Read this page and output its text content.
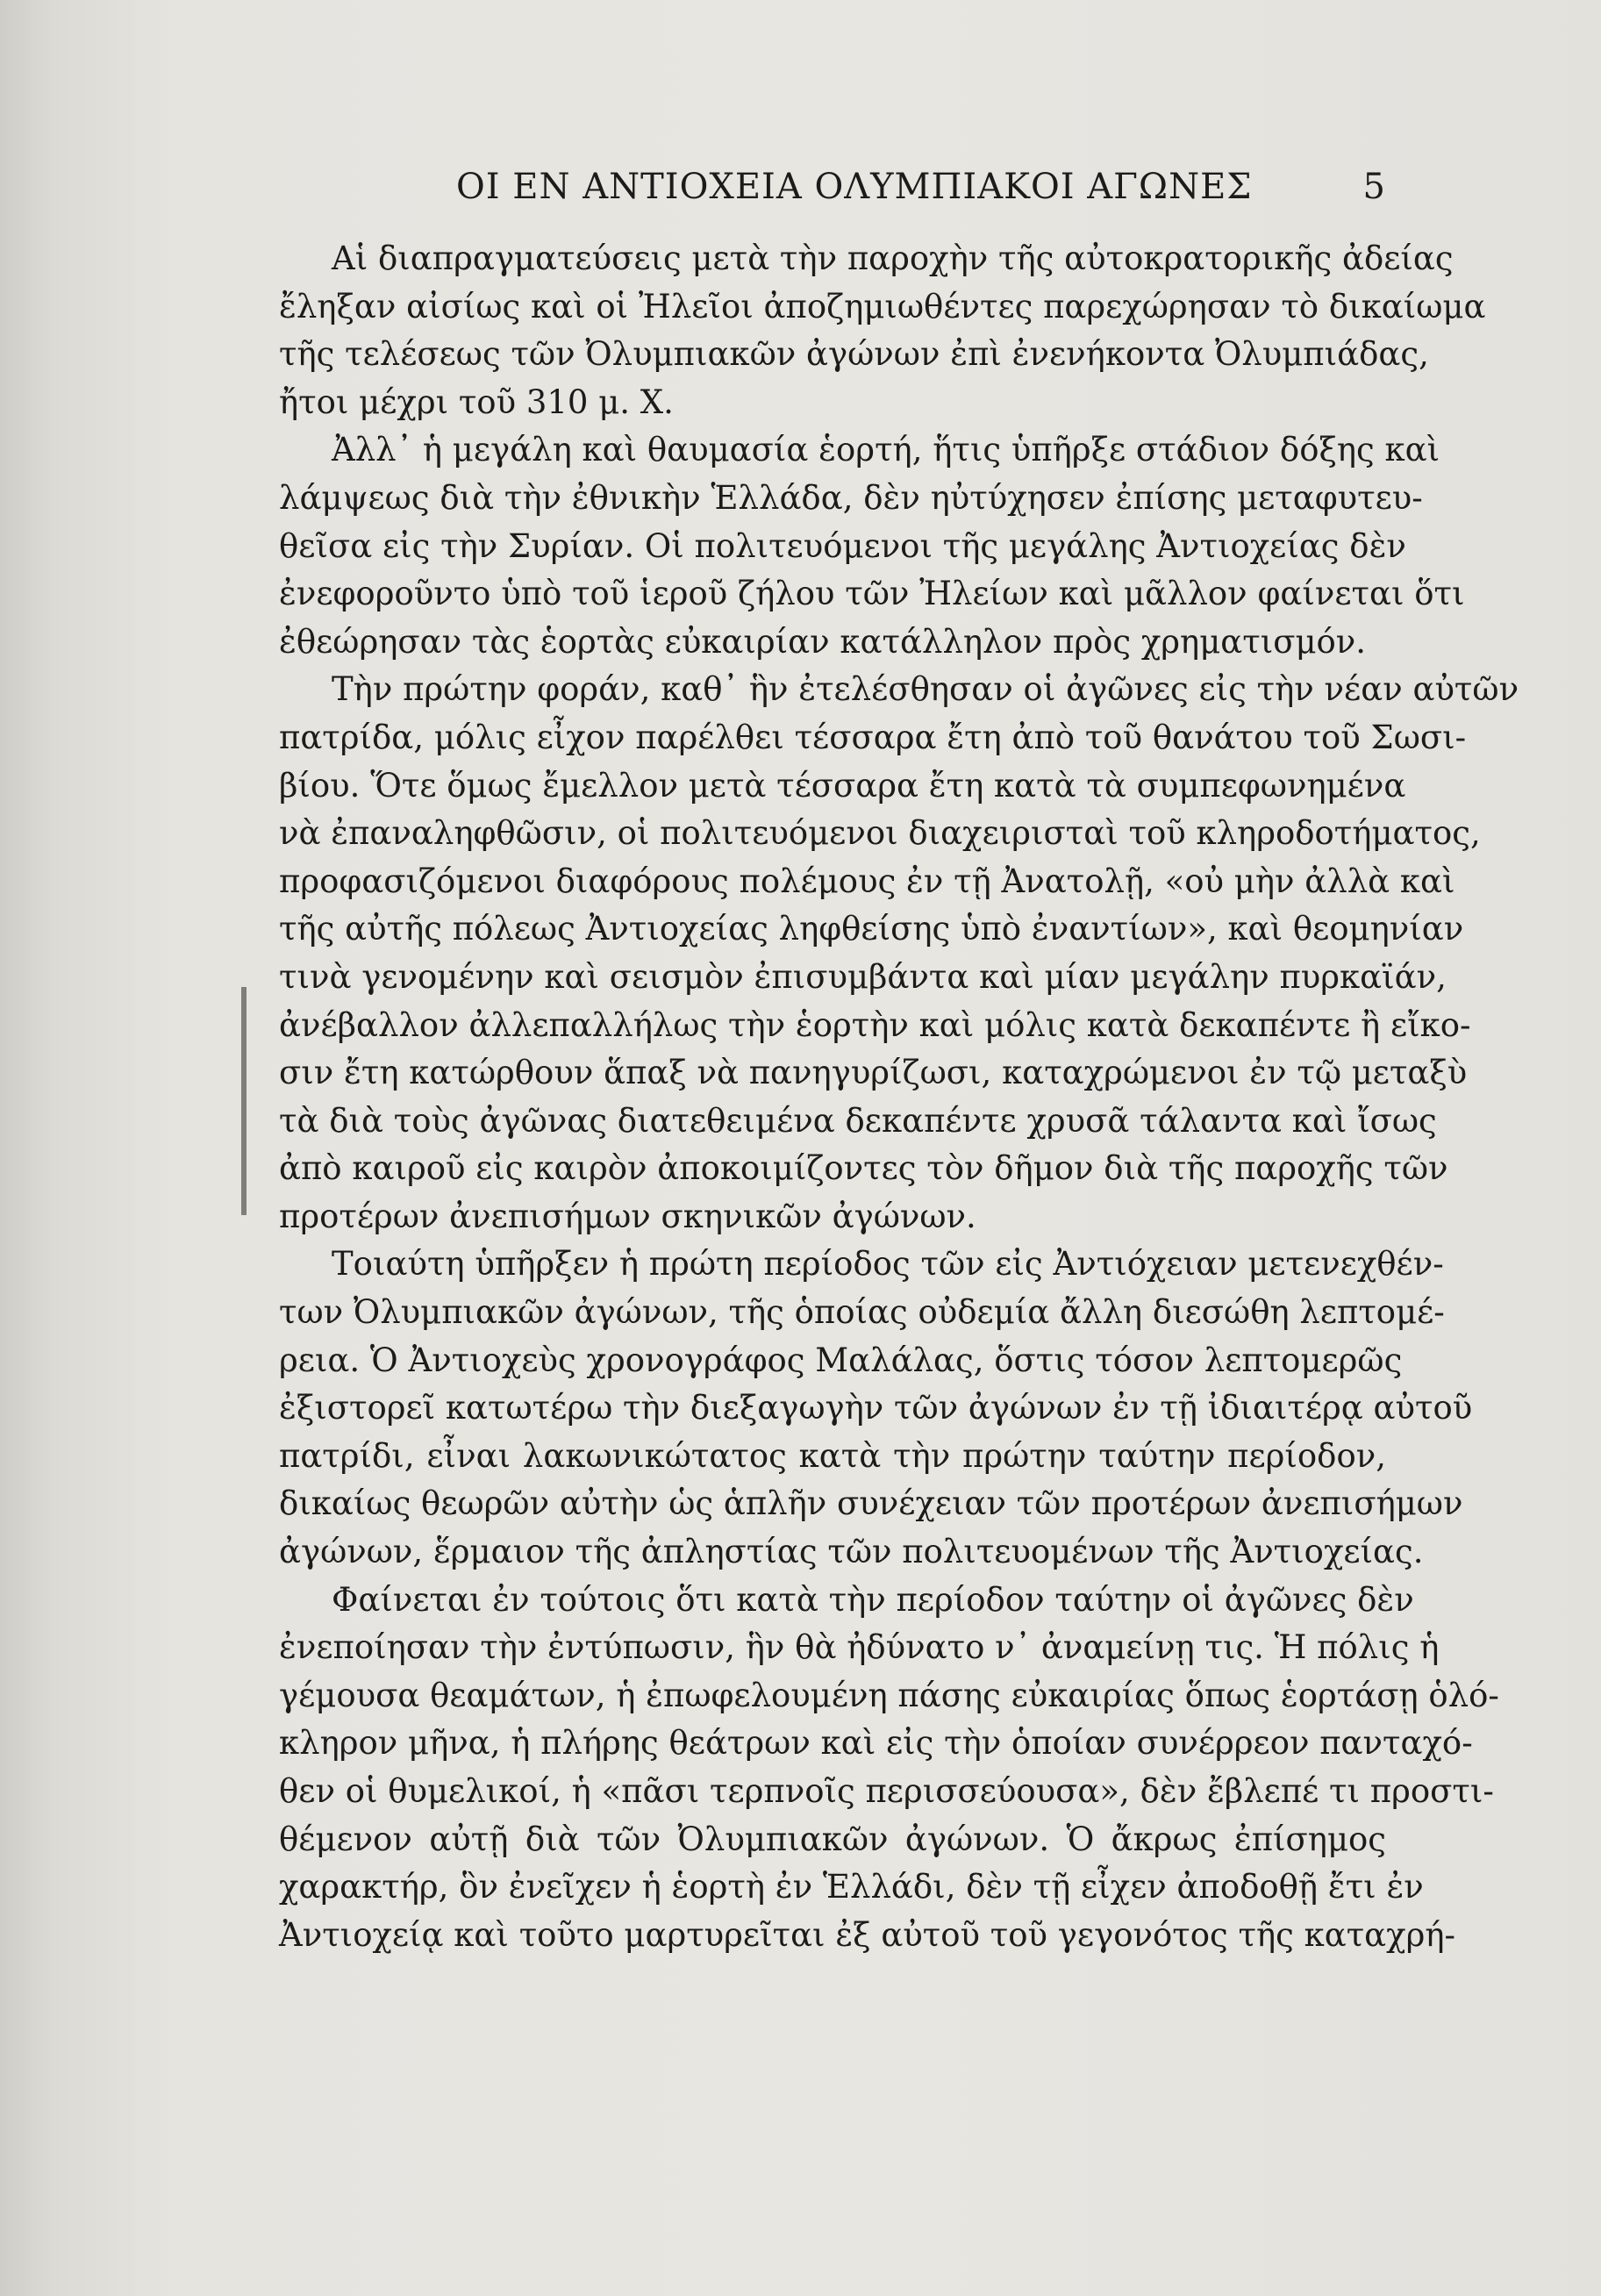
ΟΙ ΕΝ ΑΝΤΙΟΧΕΙΑ ΟΛΥΜΠΙΑΚΟΙ ΑΓΩΝΕΣ	5
Αἱ διαπραγματεύσεις μετὰ τὴν παροχὴν τῆς αὐτοκρατορικῆς ἀδείας
ἔληξαν αἰσίως καὶ οἱ Ἠλεῖοι ἀποζημιωθέντες παρεχώρησαν τὸ δικαίωμα
τῆς τελέσεως τῶν Ὀλυμπιακῶν ἀγώνων ἐπὶ ἐνενήκοντα Ὀλυμπιάδας,
ἤτοι μέχρι τοῦ 310 μ. Χ.
Ἀλλ᾽ ἡ μεγάλη καὶ θαυμασία ἑορτή, ἥτις ὑπῆρξε στάδιον δόξης καὶ
λάμψεως διὰ τὴν ἐθνικὴν Ἑλλάδα, δὲν ηὐτύχησεν ἐπίσης μεταφυτευ-
θεῖσα εἰς τὴν Συρίαν. Οἱ πολιτευόμενοι τῆς μεγάλης Ἀντιοχείας δὲν
ἐνεφοροῦντο ὑπὸ τοῦ ἱεροῦ ζήλου τῶν Ἠλείων καὶ μᾶλλον φαίνεται ὅτι
ἐθεώρησαν τὰς ἑορτὰς εὐκαιρίαν κατάλληλον πρὸς χρηματισμόν.
Τὴν πρώτην φοράν, καθ᾽ ἣν ἐτελέσθησαν οἱ ἀγῶνες εἰς τὴν νέαν αὐτῶν
πατρίδα, μόλις εἶχον παρέλθει τέσσαρα ἔτη ἀπὸ τοῦ θανάτου τοῦ Σωσι-
βίου. Ὅτε ὅμως ἔμελλον μετὰ τέσσαρα ἔτη κατὰ τὰ συμπεφωνημένα
νὰ ἐπαναληφθῶσιν, οἱ πολιτευόμενοι διαχειρισταὶ τοῦ κληροδοτήματος,
προφασιζόμενοι διαφόρους πολέμους ἐν τῇ Ἀνατολῇ, «οὐ μὴν ἀλλὰ καὶ
τῆς αὐτῆς πόλεως Ἀντιοχείας ληφθείσης ὑπὸ ἐναντίων», καὶ θεομηνίαν
τινὰ γενομένην καὶ σεισμὸν ἐπισυμβάντα καὶ μίαν μεγάλην πυρκαϊάν,
ἀνέβαλλον ἀλλεπαλλήλως τὴν ἑορτὴν καὶ μόλις κατὰ δεκαπέντε ἢ εἴκο-
σιν ἔτη κατώρθουν ἅπαξ νὰ πανηγυρίζωσι, καταχρώμενοι ἐν τῷ μεταξὺ
τὰ διὰ τοὺς ἀγῶνας διατεθειμένα δεκαπέντε χρυσᾶ τάλαντα καὶ ἴσως
ἀπὸ καιροῦ εἰς καιρὸν ἀποκοιμίζοντες τὸν δῆμον διὰ τῆς παροχῆς τῶν
προτέρων ἀνεπισήμων σκηνικῶν ἀγώνων.
Τοιαύτη ὑπῆρξεν ἡ πρώτη περίοδος τῶν εἰς Ἀντιόχειαν μετενεχθέν-
των Ὀλυμπιακῶν ἀγώνων, τῆς ὁποίας οὐδεμία ἄλλη διεσώθη λεπτομέ-
ρεια. Ὁ Ἀντιοχεὺς χρονογράφος Μαλάλας, ὅστις τόσον λεπτομερῶς
ἐξιστορεῖ κατωτέρω τὴν διεξαγωγὴν τῶν ἀγώνων ἐν τῇ ἰδιαιτέρᾳ αὐτοῦ
πατρίδι, εἶναι λακωνικώτατος κατὰ τὴν πρώτην ταύτην περίοδον,
δικαίως θεωρῶν αὐτὴν ὡς ἁπλῆν συνέχειαν τῶν προτέρων ἀνεπισήμων
ἀγώνων, ἕρμαιον τῆς ἀπληστίας τῶν πολιτευομένων τῆς Ἀντιοχείας.
Φαίνεται ἐν τούτοις ὅτι κατὰ τὴν περίοδον ταύτην οἱ ἀγῶνες δὲν
ἐνεποίησαν τὴν ἐντύπωσιν, ἣν θὰ ἠδύνατο ν᾽ ἀναμείνῃ τις. Ἡ πόλις ἡ
γέμουσα θεαμάτων, ἡ ἐπωφελουμένη πάσης εὐκαιρίας ὅπως ἑορτάσῃ ὁλό-
κληρον μῆνα, ἡ πλήρης θεάτρων καὶ εἰς τὴν ὁποίαν συνέρρεον πανταχό-
θεν οἱ θυμελικοί, ἡ «πᾶσι τερπνοῖς περισσεύουσα», δὲν ἔβλεπέ τι προστι-
θέμενον αὐτῇ διὰ τῶν Ὀλυμπιακῶν ἀγώνων. Ὁ ἄκρως ἐπίσημος
χαρακτήρ, ὃν ἐνεῖχεν ἡ ἑορτὴ ἐν Ἑλλάδι, δὲν τῇ εἶχεν ἀποδοθῇ ἔτι ἐν
Ἀντιοχείᾳ καὶ τοῦτο μαρτυρεῖται ἐξ αὐτοῦ τοῦ γεγονότος τῆς καταχρή-
